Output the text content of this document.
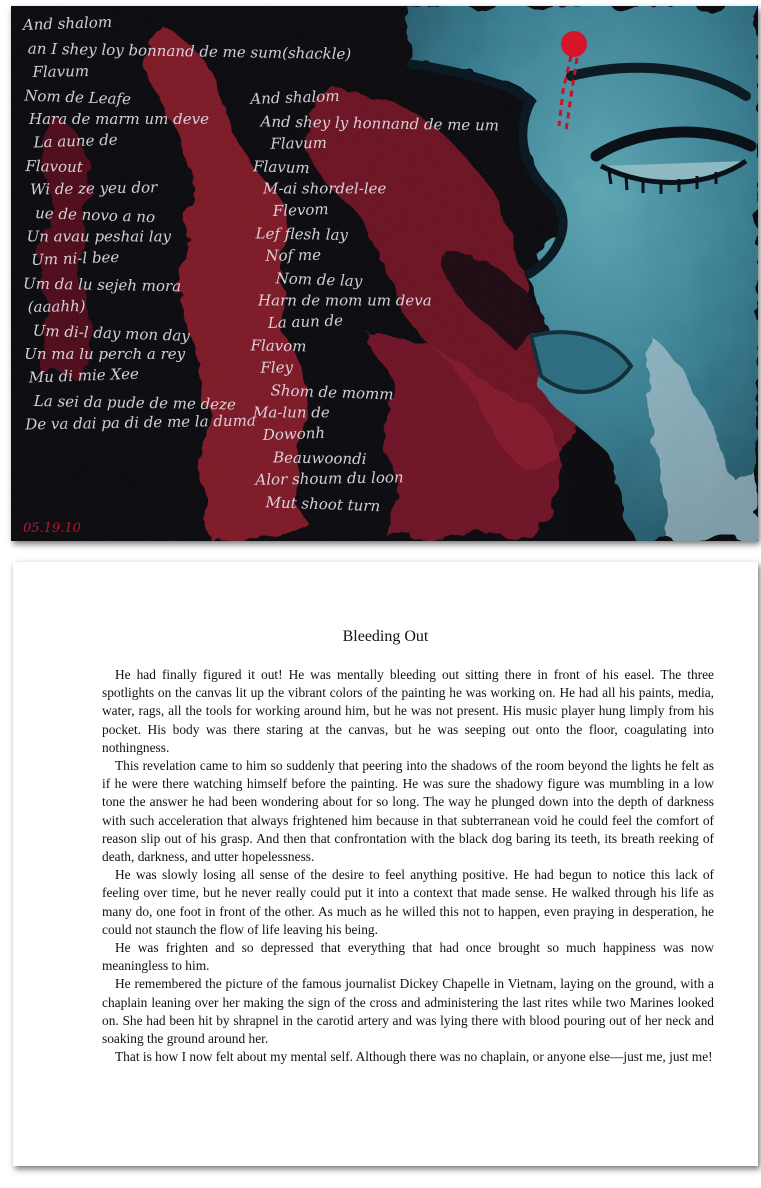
And shalom
an I shey loy bonnand de me sum(shackle)
Flavum
Nom de Leafe
Hara de marm um deve
La aune de
Flavout
Wi de ze yeu dor
ue de novo a no
Un avau peshai lay
Um ni-l bee
Um da lu sejeh mora
(aaahh)
Um di-l day mon day
Un ma lu perch a rey
Mu di mie Xee
La sei da pude de me deze
De va dai pa di de me la duma
And shalom
And shey ly honnand de me um
Flavum
Flavum
M-ai shordel-lee
Flevom
Lef flesh lay
Nof me
Nom de lay
Harn de mom um deva
La aun de
Flavom
Fley
Shom de momm
Ma-lun de
Dowonh
Beauwoondi
Alor shoum du loon
Mut shoot turn
05.19.10
Bleeding Out

He had finally figured it out! He was mentally bleeding out sitting there in front of his easel. The three spotlights on the canvas lit up the vibrant colors of the painting he was working on. He had all his paints, media, water, rags, all the tools for working around him, but he was not present. His music player hung limply from his pocket. His body was there staring at the canvas, but he was seeping out onto the floor, coagulating into nothingness.

This revelation came to him so suddenly that peering into the shadows of the room beyond the lights he felt as if he were there watching himself before the painting. He was sure the shadowy figure was mumbling in a low tone the answer he had been wondering about for so long. The way he plunged down into the depth of darkness with such acceleration that always frightened him because in that subterranean void he could feel the comfort of reason slip out of his grasp. And then that confrontation with the black dog baring its teeth, its breath reeking of death, darkness, and utter hopelessness.

He was slowly losing all sense of the desire to feel anything positive. He had begun to notice this lack of feeling over time, but he never really could put it into a context that made sense. He walked through his life as many do, one foot in front of the other. As much as he willed this not to happen, even praying in desperation, he could not staunch the flow of life leaving his being.

He was frighten and so depressed that everything that had once brought so much happiness was now meaningless to him.

He remembered the picture of the famous journalist Dickey Chapelle in Vietnam, laying on the ground, with a chaplain leaning over her making the sign of the cross and administering the last rites while two Marines looked on. She had been hit by shrapnel in the carotid artery and was lying there with blood pouring out of her neck and soaking the ground around her.

That is how I now felt about my mental self. Although there was no chaplain, or anyone else—just me, just me!
